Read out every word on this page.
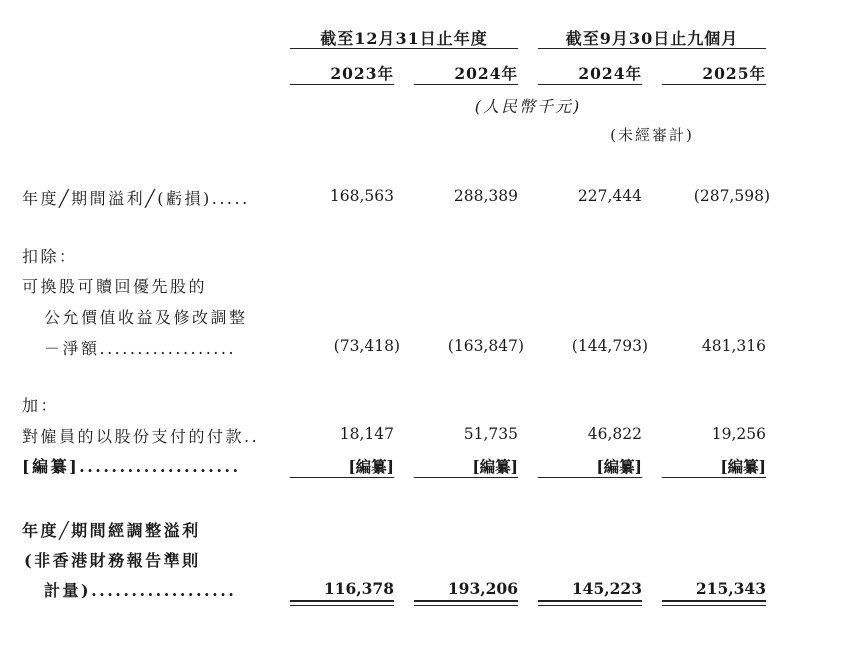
截至12月31日止年度	截至9月30日止九個月
2023年	2024年	2024年	2025年
(人民幣千元)
(未經審計)
年度╱期間溢利╱(虧損).....	168,563	288,389	227,444	(287,598)
扣除：
可換股可贖回優先股的
公允價值收益及修改調整
－淨額..................	(73,418)	(163,847)	(144,793)	481,316
加：
對僱員的以股份支付的付款..	18,147	51,735	46,822	19,256
[編纂]....................	[編纂]	[編纂]	[編纂]	[編纂]
年度╱期間經調整溢利
(非香港財務報告準則
計量)..................	116,378	193,206	145,223	215,343
